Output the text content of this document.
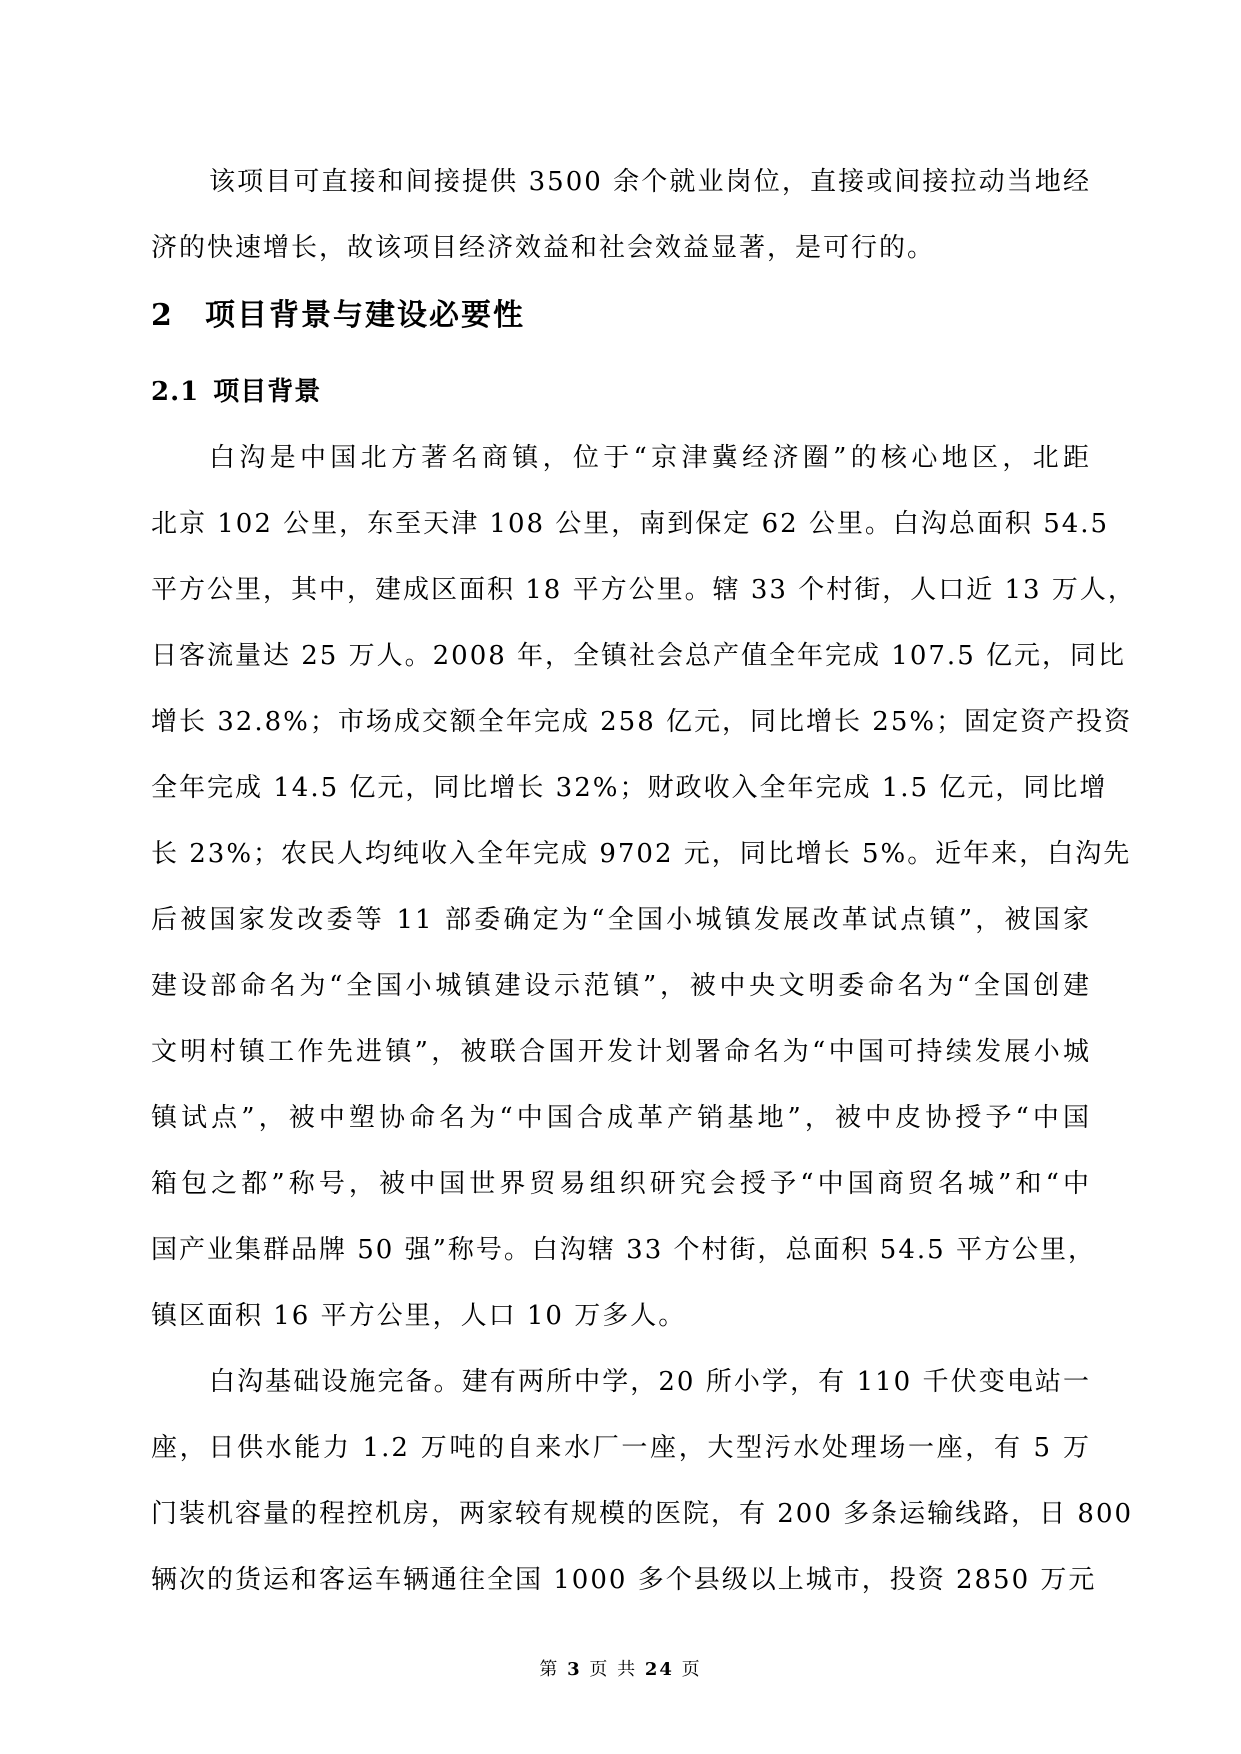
该项目可直接和间接提供 3500 余个就业岗位，直接或间接拉动当地经

济的快速增长，故该项目经济效益和社会效益显著，是可行的。

2 项目背景与建设必要性
2.1 项目背景

白沟是中国北方著名商镇，位于“京津冀经济圈”的核心地区，北距

北京 102 公里，东至天津 108 公里，南到保定 62 公里。白沟总面积 54.5

平方公里，其中，建成区面积 18 平方公里。辖 33 个村街，人口近 13 万人，

日客流量达 25 万人。2008 年，全镇社会总产值全年完成 107.5 亿元，同比

增长 32.8%；市场成交额全年完成 258 亿元，同比增长 25%；固定资产投资

全年完成 14.5 亿元，同比增长 32%；财政收入全年完成 1.5 亿元，同比增

长 23%；农民人均纯收入全年完成 9702 元，同比增长 5%。近年来，白沟先

后被国家发改委等 11 部委确定为“全国小城镇发展改革试点镇”，被国家

建设部命名为“全国小城镇建设示范镇”，被中央文明委命名为“全国创建

文明村镇工作先进镇”，被联合国开发计划署命名为“中国可持续发展小城

镇试点”，被中塑协命名为“中国合成革产销基地”，被中皮协授予“中国

箱包之都”称号，被中国世界贸易组织研究会授予“中国商贸名城”和“中

国产业集群品牌 50 强”称号。白沟辖 33 个村街，总面积 54.5 平方公里，

镇区面积 16 平方公里，人口 10 万多人。

白沟基础设施完备。建有两所中学，20 所小学，有 110 千伏变电站一

座，日供水能力 1.2 万吨的自来水厂一座，大型污水处理场一座，有 5 万

门装机容量的程控机房，两家较有规模的医院，有 200 多条运输线路，日 800

辆次的货运和客运车辆通往全国 1000 多个县级以上城市，投资 2850 万元

第 3 页 共 24 页
